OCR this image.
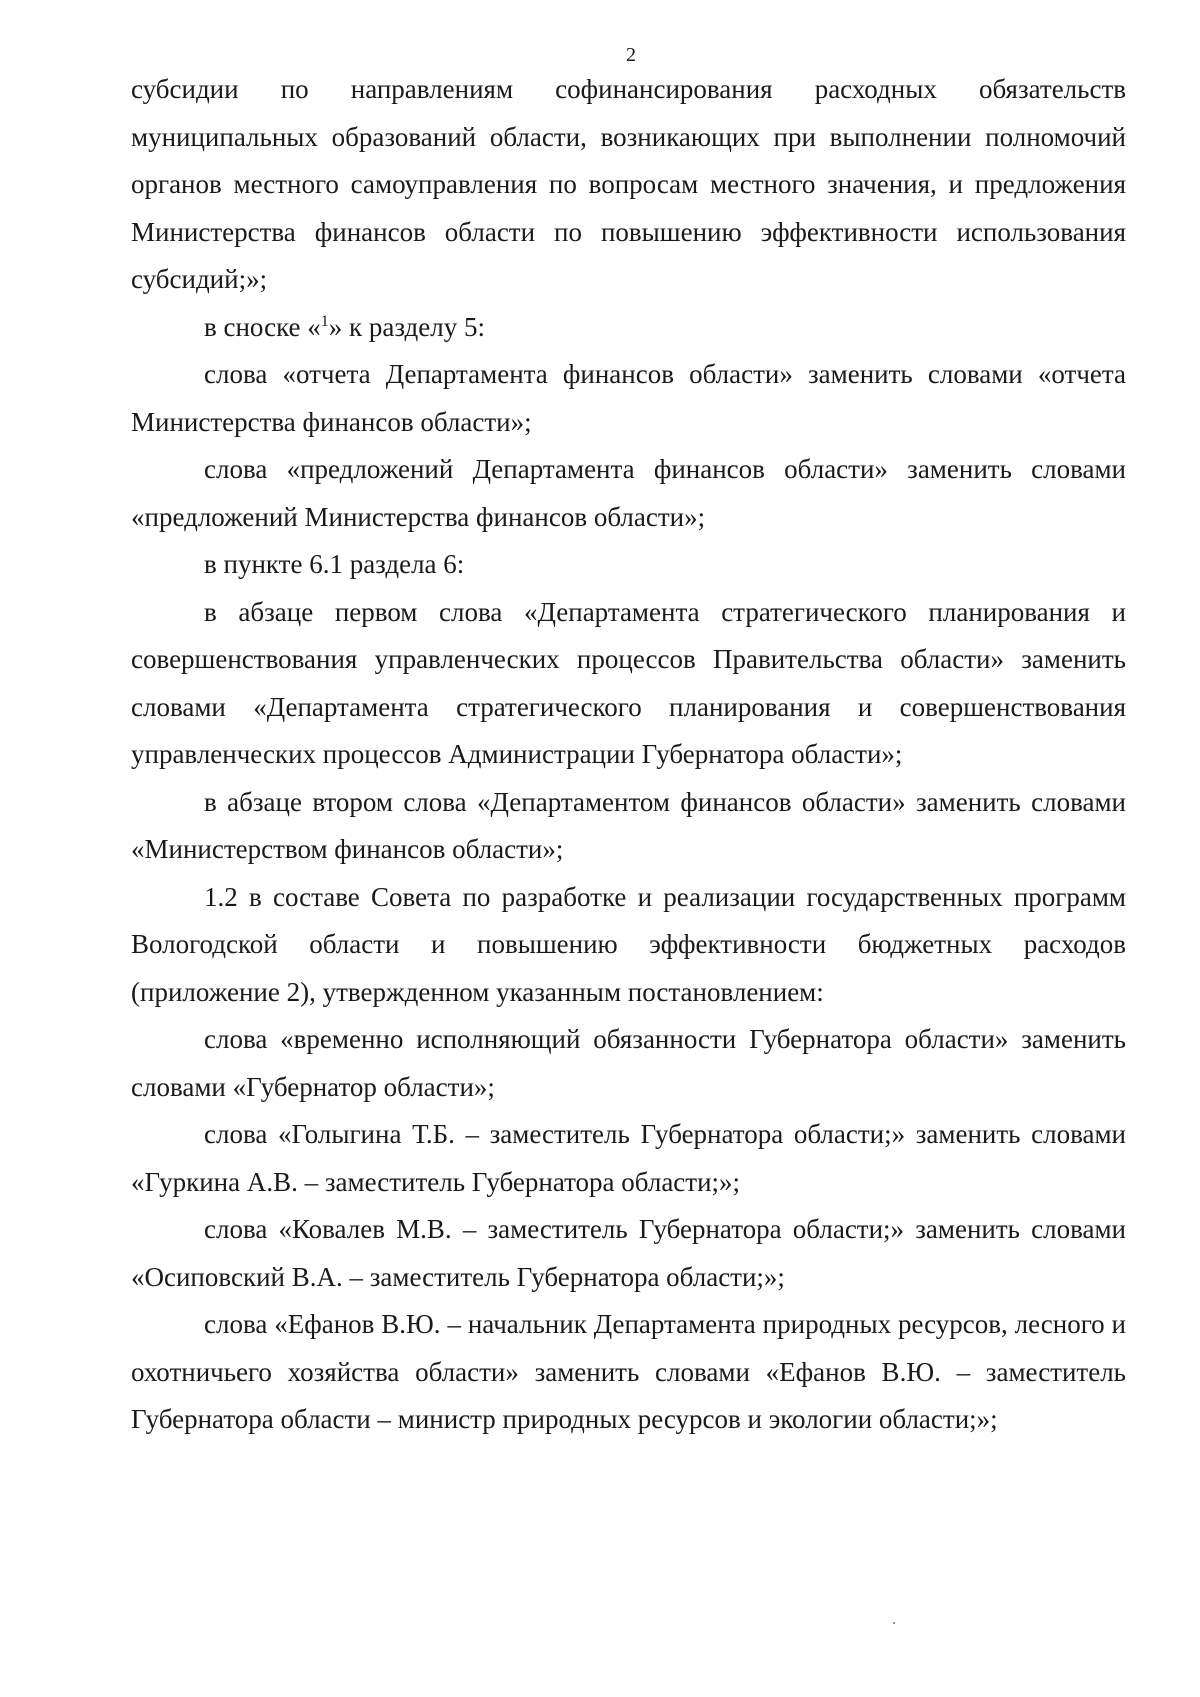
2

субсидии по направлениям софинансирования расходных обязательств муниципальных образований области, возникающих при выполнении полномочий органов местного самоуправления по вопросам местного значения, и предложения Министерства финансов области по повышению эффективности использования субсидий;»;

в сноске «$^1$» к разделу 5:

слова «отчета Департамента финансов области» заменить словами «отчета Министерства финансов области»;

слова «предложений Департамента финансов области» заменить словами «предложений Министерства финансов области»;

в пункте 6.1 раздела 6:

в абзаце первом слова «Департамента стратегического планирования и совершенствования управленческих процессов Правительства области» заменить словами «Департамента стратегического планирования и совершенствования управленческих процессов Администрации Губернатора области»;

в абзаце втором слова «Департаментом финансов области» заменить словами «Министерством финансов области»;

1.2 в составе Совета по разработке и реализации государственных программ Вологодской области и повышению эффективности бюджетных расходов (приложение 2), утвержденном указанным постановлением:

слова «временно исполняющий обязанности Губернатора области» заменить словами «Губернатор области»;

слова «Голыгина Т.Б. – заместитель Губернатора области;» заменить словами «Гуркина А.В. – заместитель Губернатора области;»;

слова «Ковалев М.В. – заместитель Губернатора области;» заменить словами «Осиповский В.А. – заместитель Губернатора области;»;

слова «Ефанов В.Ю. – начальник Департамента природных ресурсов, лесного и охотничьего хозяйства области» заменить словами «Ефанов В.Ю. – заместитель Губернатора области – министр природных ресурсов и экологии области;»;
